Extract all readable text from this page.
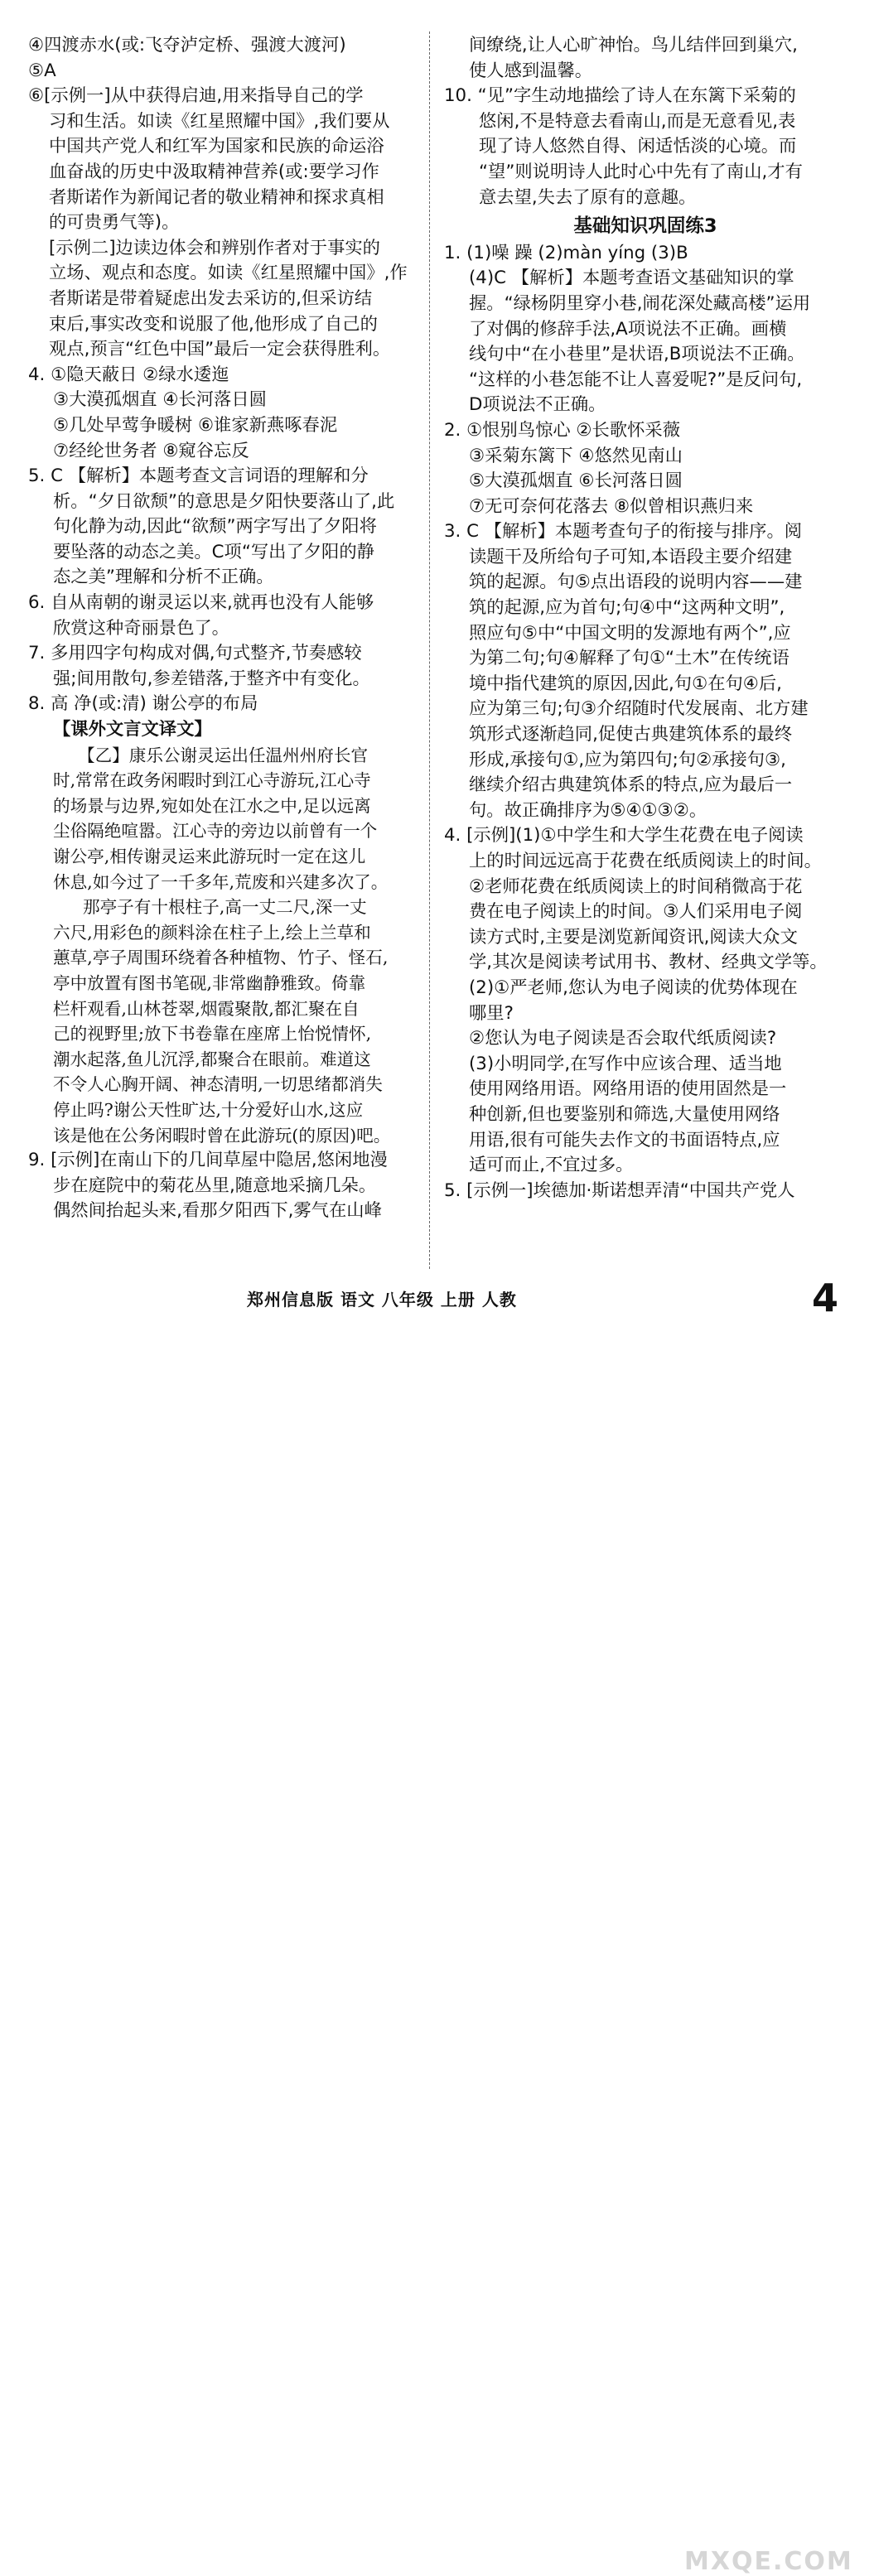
④四渡赤水(或:飞夺泸定桥、强渡大渡河)
⑤A
⑥[示例一]从中获得启迪,用来指导自己的学
习和生活。如读《红星照耀中国》,我们要从
中国共产党人和红军为国家和民族的命运浴
血奋战的历史中汲取精神营养(或:要学习作
者斯诺作为新闻记者的敬业精神和探求真相
的可贵勇气等)。
[示例二]边读边体会和辨别作者对于事实的
立场、观点和态度。如读《红星照耀中国》,作
者斯诺是带着疑虑出发去采访的,但采访结
束后,事实改变和说服了他,他形成了自己的
观点,预言“红色中国”最后一定会获得胜利。
4. ①隐天蔽日 ②绿水逶迤
③大漠孤烟直 ④长河落日圆
⑤几处早莺争暖树 ⑥谁家新燕啄春泥
⑦经纶世务者 ⑧窥谷忘反
5. C 【解析】本题考查文言词语的理解和分
析。“夕日欲颓”的意思是夕阳快要落山了,此
句化静为动,因此“欲颓”两字写出了夕阳将
要坠落的动态之美。C项“写出了夕阳的静
态之美”理解和分析不正确。
6. 自从南朝的谢灵运以来,就再也没有人能够
欣赏这种奇丽景色了。
7. 多用四字句构成对偶,句式整齐,节奏感较
强;间用散句,参差错落,于整齐中有变化。
8. 高 净(或:清) 谢公亭的布局
【课外文言文译文】
【乙】康乐公谢灵运出任温州州府长官
时,常常在政务闲暇时到江心寺游玩,江心寺
的场景与边界,宛如处在江水之中,足以远离
尘俗隔绝喧嚣。江心寺的旁边以前曾有一个
谢公亭,相传谢灵运来此游玩时一定在这儿
休息,如今过了一千多年,荒废和兴建多次了。
那亭子有十根柱子,高一丈二尺,深一丈
六尺,用彩色的颜料涂在柱子上,绘上兰草和
蕙草,亭子周围环绕着各种植物、竹子、怪石,
亭中放置有图书笔砚,非常幽静雅致。倚靠
栏杆观看,山林苍翠,烟霞聚散,都汇聚在自
己的视野里;放下书卷靠在座席上怡悦情怀,
潮水起落,鱼儿沉浮,都聚合在眼前。难道这
不令人心胸开阔、神态清明,一切思绪都消失
停止吗?谢公天性旷达,十分爱好山水,这应
该是他在公务闲暇时曾在此游玩(的原因)吧。
9. [示例]在南山下的几间草屋中隐居,悠闲地漫
步在庭院中的菊花丛里,随意地采摘几朵。
偶然间抬起头来,看那夕阳西下,雾气在山峰
间缭绕,让人心旷神怡。鸟儿结伴回到巢穴,
使人感到温馨。
10. “见”字生动地描绘了诗人在东篱下采菊的
悠闲,不是特意去看南山,而是无意看见,表
现了诗人悠然自得、闲适恬淡的心境。而
“望”则说明诗人此时心中先有了南山,才有
意去望,失去了原有的意趣。
基础知识巩固练3
1. (1)噪 躁 (2)màn yíng (3)B
(4)C 【解析】本题考查语文基础知识的掌
握。“绿杨阴里穿小巷,闹花深处藏高楼”运用
了对偶的修辞手法,A项说法不正确。画横
线句中“在小巷里”是状语,B项说法不正确。
“这样的小巷怎能不让人喜爱呢?”是反问句,
D项说法不正确。
2. ①恨别鸟惊心 ②长歌怀采薇
③采菊东篱下 ④悠然见南山
⑤大漠孤烟直 ⑥长河落日圆
⑦无可奈何花落去 ⑧似曾相识燕归来
3. C 【解析】本题考查句子的衔接与排序。阅
读题干及所给句子可知,本语段主要介绍建
筑的起源。句⑤点出语段的说明内容——建
筑的起源,应为首句;句④中“这两种文明”,
照应句⑤中“中国文明的发源地有两个”,应
为第二句;句④解释了句①“土木”在传统语
境中指代建筑的原因,因此,句①在句④后,
应为第三句;句③介绍随时代发展南、北方建
筑形式逐渐趋同,促使古典建筑体系的最终
形成,承接句①,应为第四句;句②承接句③,
继续介绍古典建筑体系的特点,应为最后一
句。故正确排序为⑤④①③②。
4. [示例](1)①中学生和大学生花费在电子阅读
上的时间远远高于花费在纸质阅读上的时间。
②老师花费在纸质阅读上的时间稍微高于花
费在电子阅读上的时间。③人们采用电子阅
读方式时,主要是浏览新闻资讯,阅读大众文
学,其次是阅读考试用书、教材、经典文学等。
(2)①严老师,您认为电子阅读的优势体现在
哪里?
②您认为电子阅读是否会取代纸质阅读?
(3)小明同学,在写作中应该合理、适当地
使用网络用语。网络用语的使用固然是一
种创新,但也要鉴别和筛选,大量使用网络
用语,很有可能失去作文的书面语特点,应
适可而止,不宜过多。
5. [示例一]埃德加·斯诺想弄清“中国共产党人
郑州信息版 语文 八年级 上册 人教
MXQE.COM
4
